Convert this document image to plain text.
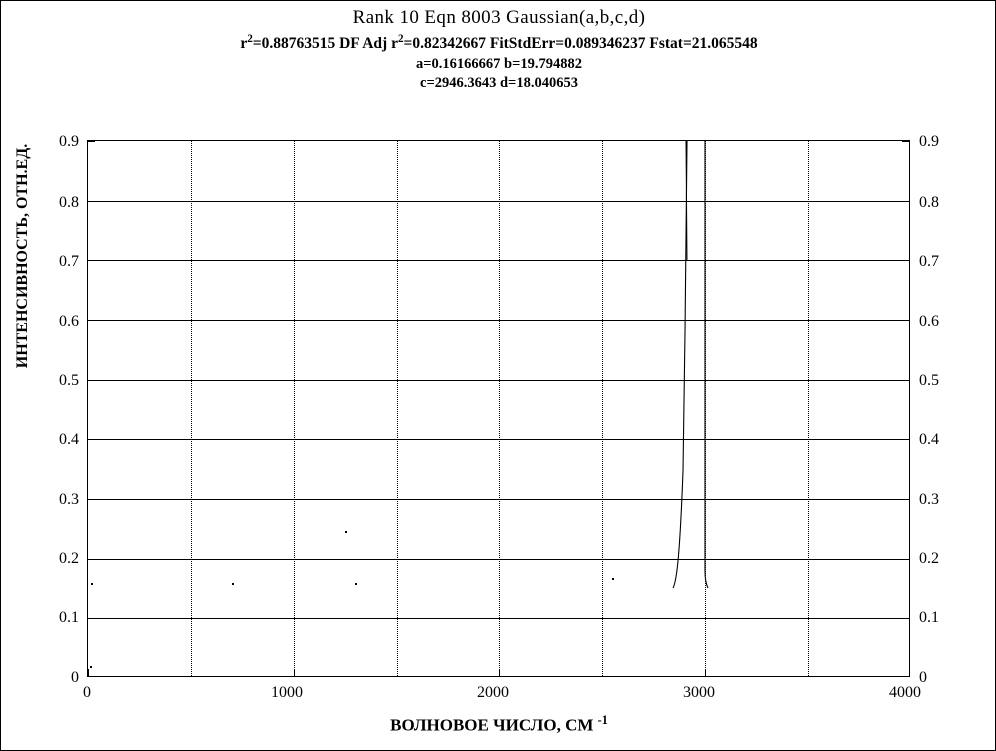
Rank 10 Eqn 8003 Gaussian(a,b,c,d)
$r^2=0.88763515$ DF Adj $r^2=0.82342667$ FitStdErr=0.089346237 Fstat=21.065548
a=0.16166667 b=19.794882
c=2946.3643 d=18.040653
ИНТЕНСИВНОСТЬ, ОТН.ЕД.
ВОЛНОВОЕ ЧИСЛО, СМ $^{-1}$
0
0.1
0.2
0.3
0.4
0.5
0.6
0.7
0.8
0.9
0
0.1
0.2
0.3
0.4
0.5
0.6
0.7
0.8
0.9
0	1000	2000	3000	4000
